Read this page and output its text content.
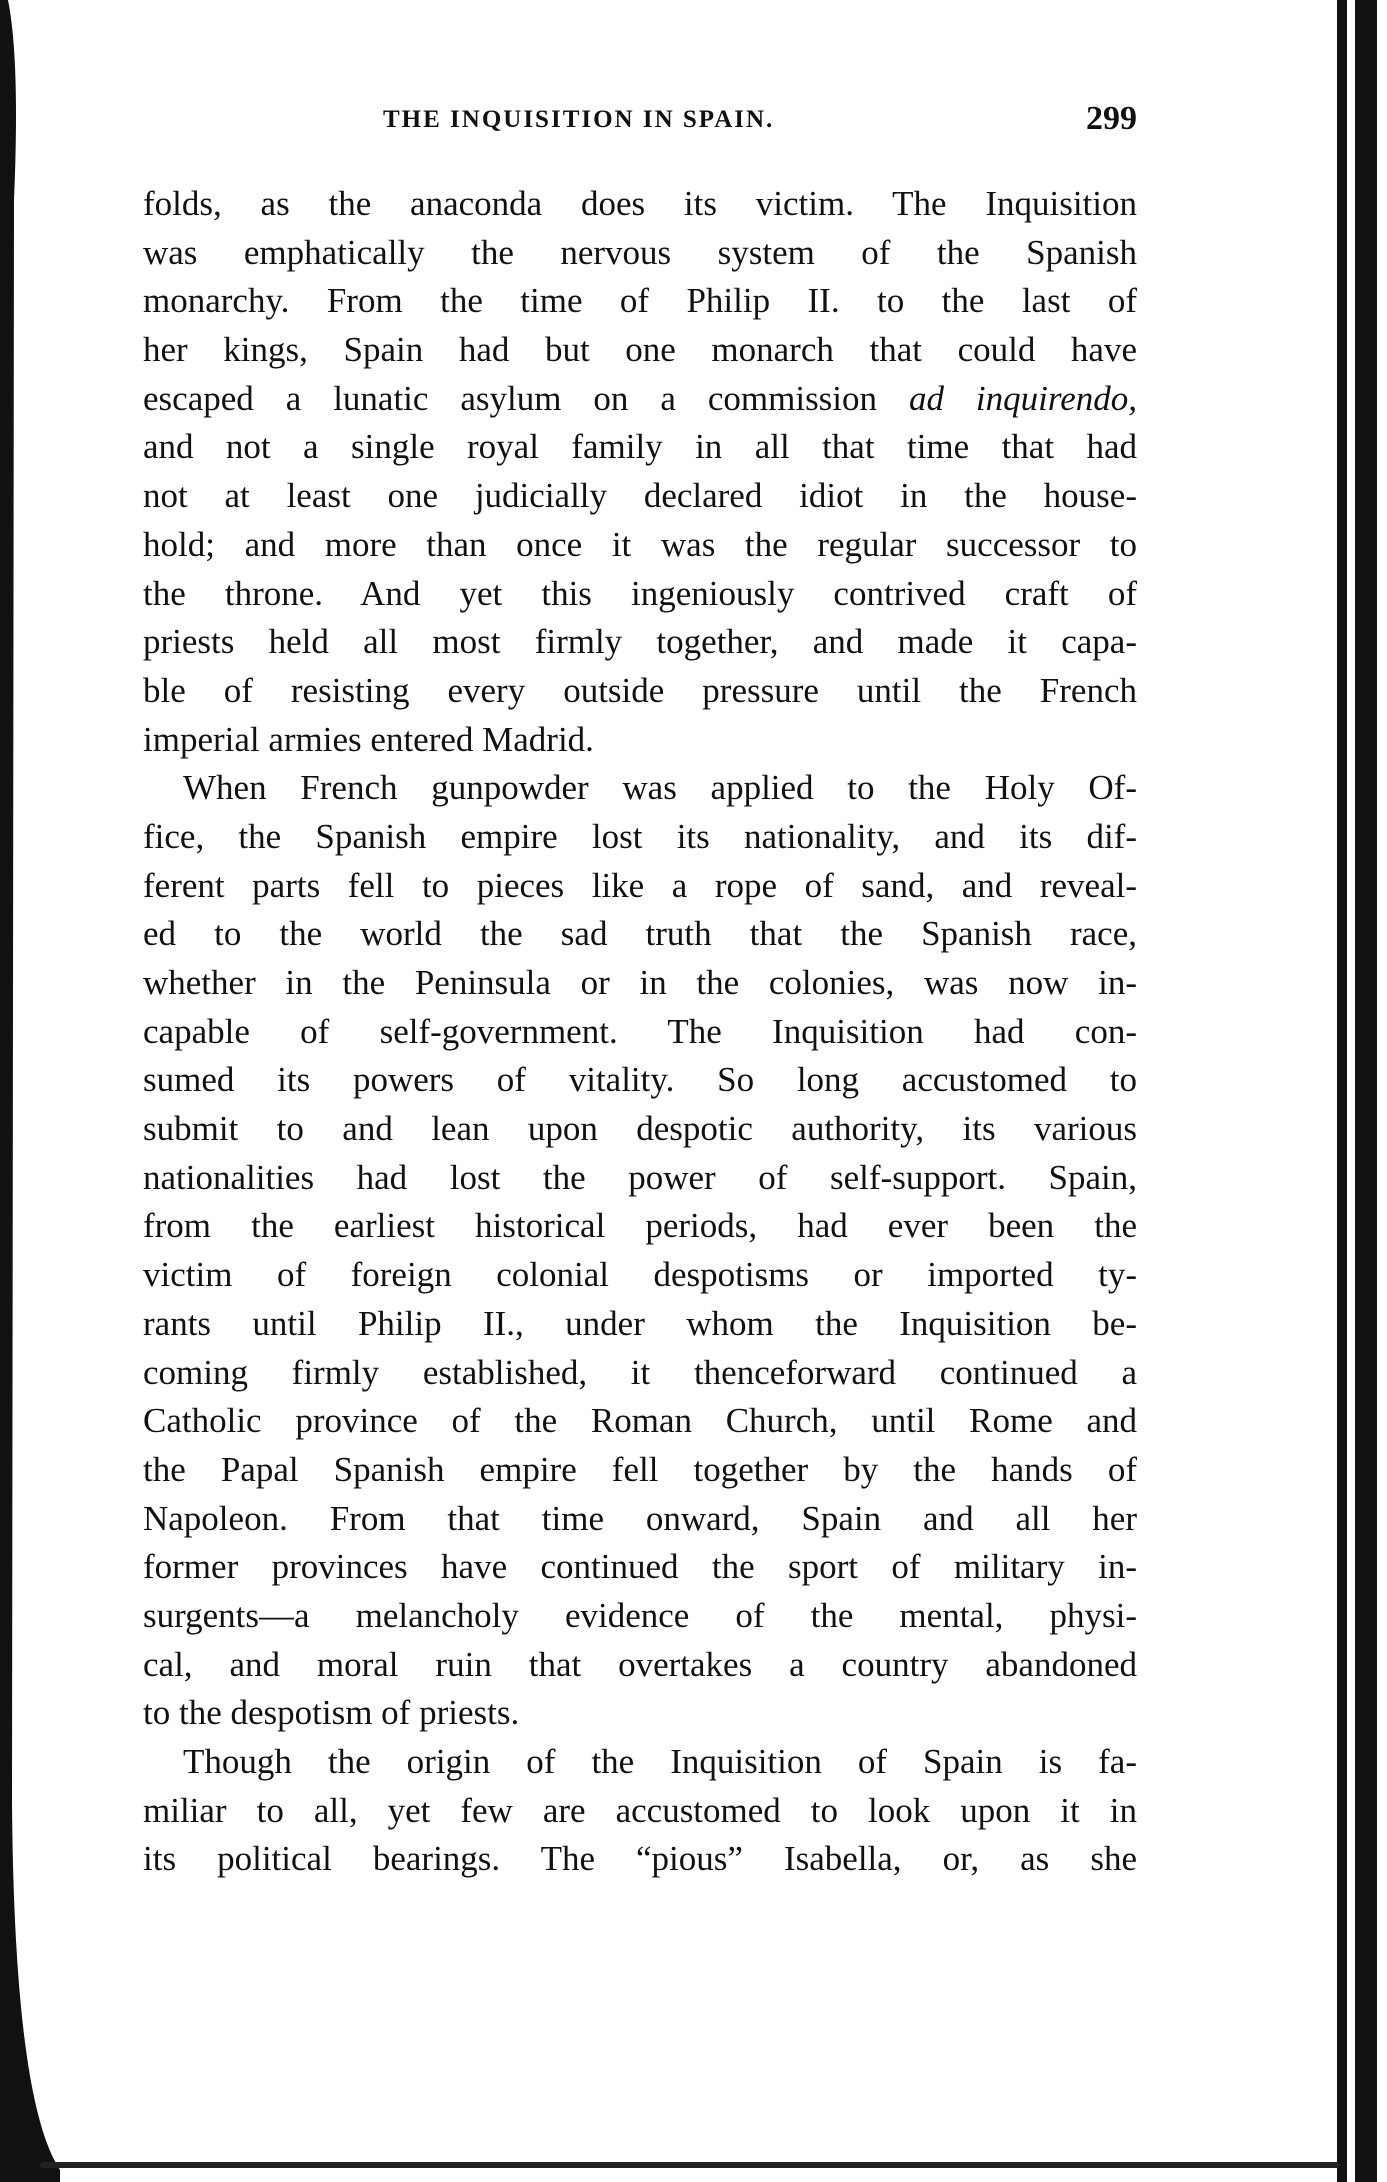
THE INQUISITION IN SPAIN.	299
folds, as the anaconda does its victim. The Inquisition
was emphatically the nervous system of the Spanish
monarchy. From the time of Philip II. to the last of
her kings, Spain had but one monarch that could have
escaped a lunatic asylum on a commission ad inquirendo,
and not a single royal family in all that time that had
not at least one judicially declared idiot in the house-
hold; and more than once it was the regular successor to
the throne. And yet this ingeniously contrived craft of
priests held all most firmly together, and made it capa-
ble of resisting every outside pressure until the French
imperial armies entered Madrid.
When French gunpowder was applied to the Holy Of-
fice, the Spanish empire lost its nationality, and its dif-
ferent parts fell to pieces like a rope of sand, and reveal-
ed to the world the sad truth that the Spanish race,
whether in the Peninsula or in the colonies, was now in-
capable of self-government. The Inquisition had con-
sumed its powers of vitality. So long accustomed to
submit to and lean upon despotic authority, its various
nationalities had lost the power of self-support. Spain,
from the earliest historical periods, had ever been the
victim of foreign colonial despotisms or imported ty-
rants until Philip II., under whom the Inquisition be-
coming firmly established, it thenceforward continued a
Catholic province of the Roman Church, until Rome and
the Papal Spanish empire fell together by the hands of
Napoleon. From that time onward, Spain and all her
former provinces have continued the sport of military in-
surgents—a melancholy evidence of the mental, physi-
cal, and moral ruin that overtakes a country abandoned
to the despotism of priests.
Though the origin of the Inquisition of Spain is fa-
miliar to all, yet few are accustomed to look upon it in
its political bearings. The “pious” Isabella, or, as she
